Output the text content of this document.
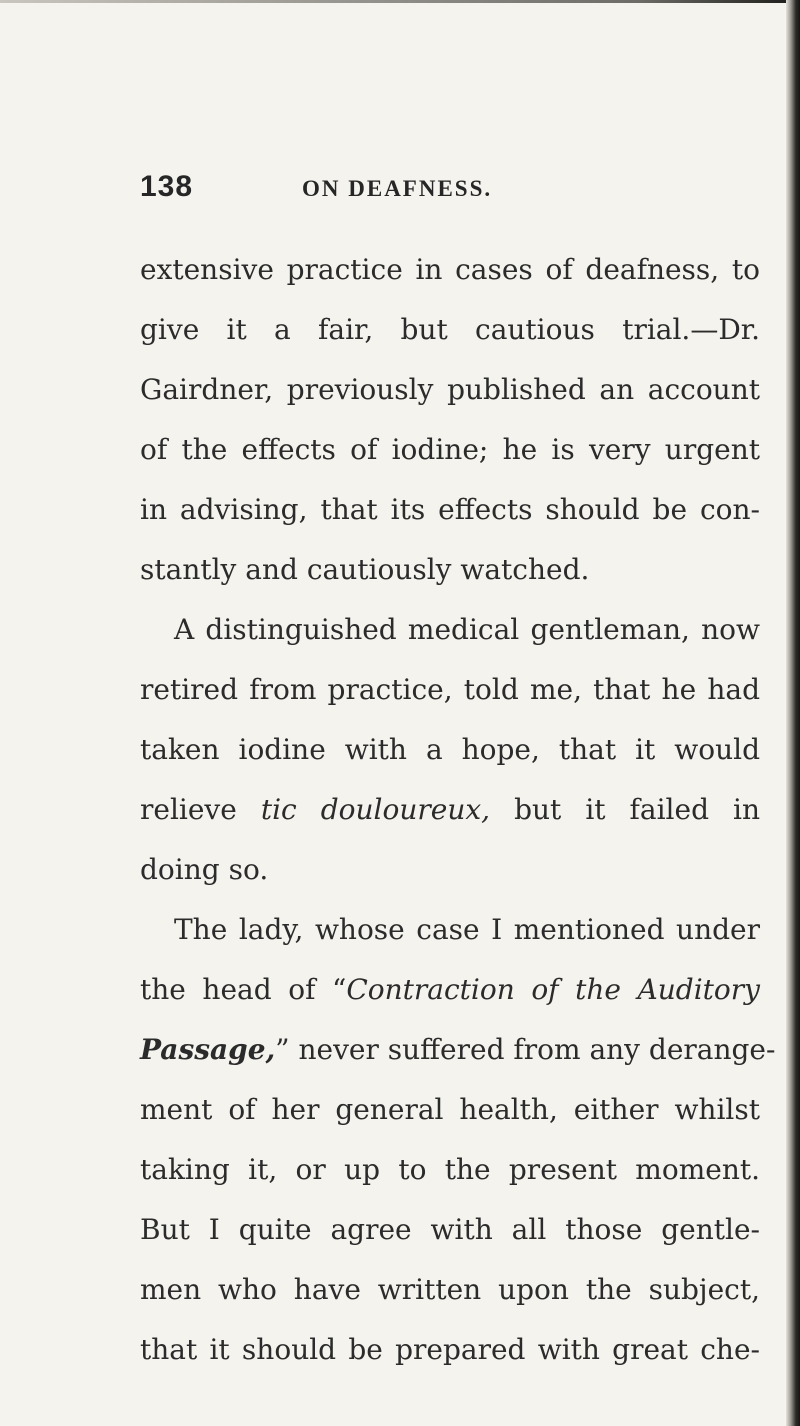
138	ON DEAFNESS.
extensive practice in cases of deafness, to
give it a fair, but cautious trial.—Dr.
Gairdner, previously published an account
of the effects of iodine; he is very urgent
in advising, that its effects should be con-
stantly and cautiously watched.
A distinguished medical gentleman, now
retired from practice, told me, that he had
taken iodine with a hope, that it would
relieve tic douloureux, but it failed in
doing so.
The lady, whose case I mentioned under
the head of “Contraction of the Auditory
Passage,” never suffered from any derange-
ment of her general health, either whilst
taking it, or up to the present moment.
But I quite agree with all those gentle-
men who have written upon the subject,
that it should be prepared with great che-
